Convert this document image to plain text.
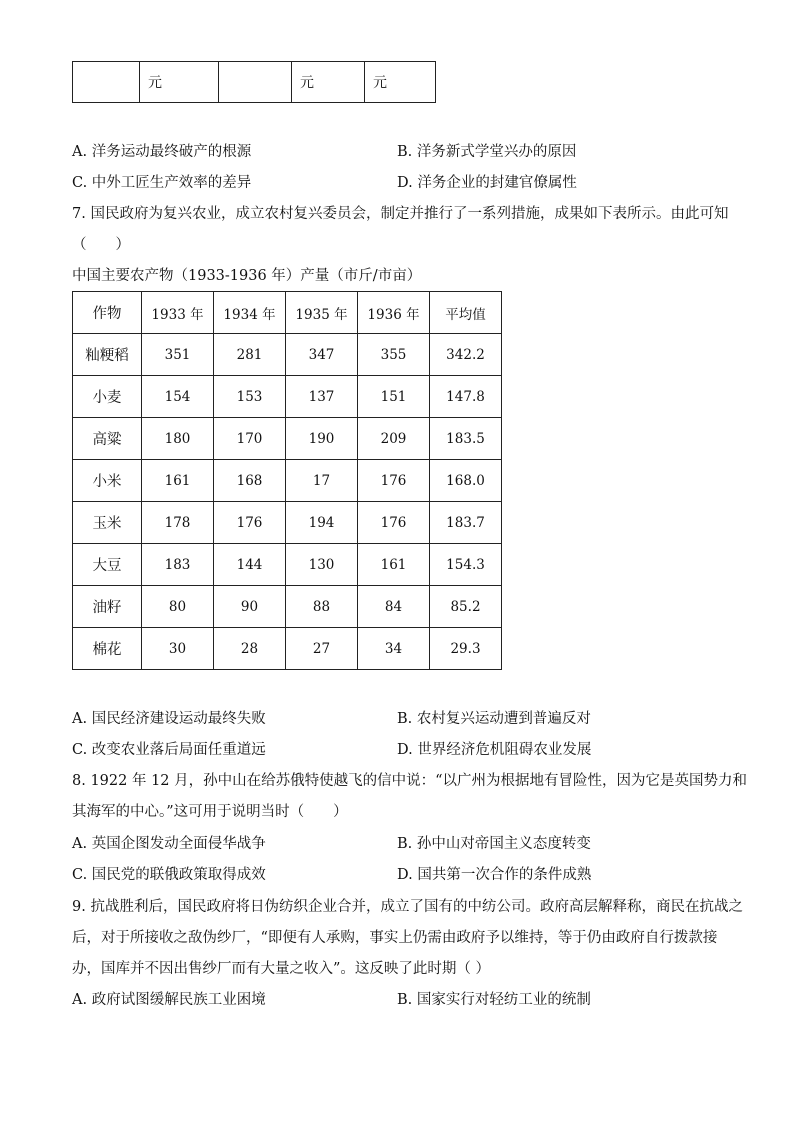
	元		元	元
A. 洋务运动最终破产的根源	B. 洋务新式学堂兴办的原因
C. 中外工匠生产效率的差异	D. 洋务企业的封建官僚属性
7. 国民政府为复兴农业，成立农村复兴委员会，制定并推行了一系列措施，成果如下表所示。由此可知
（　　）
中国主要农产物（1933-1936 年）产量（市斤/市亩）
作物	1933 年	1934 年	1935 年	1936 年	平均值
籼粳稻	351	281	347	355	342.2
小麦	154	153	137	151	147.8
高粱	180	170	190	209	183.5
小米	161	168	17	176	168.0
玉米	178	176	194	176	183.7
大豆	183	144	130	161	154.3
油籽	80	90	88	84	85.2
棉花	30	28	27	34	29.3
A. 国民经济建设运动最终失败	B. 农村复兴运动遭到普遍反对
C. 改变农业落后局面任重道远	D. 世界经济危机阻碍农业发展
8. 1922 年 12 月，孙中山在给苏俄特使越飞的信中说：“以广州为根据地有冒险性，因为它是英国势力和
其海军的中心。”这可用于说明当时（　　）
A. 英国企图发动全面侵华战争	B. 孙中山对帝国主义态度转变
C. 国民党的联俄政策取得成效	D. 国共第一次合作的条件成熟
9. 抗战胜利后，国民政府将日伪纺织企业合并，成立了国有的中纺公司。政府高层解释称，商民在抗战之
后，对于所接收之敌伪纱厂，“即便有人承购，事实上仍需由政府予以维持，等于仍由政府自行拨款接
办，国库并不因出售纱厂而有大量之收入”。这反映了此时期（ ）
A. 政府试图缓解民族工业困境	B. 国家实行对轻纺工业的统制
